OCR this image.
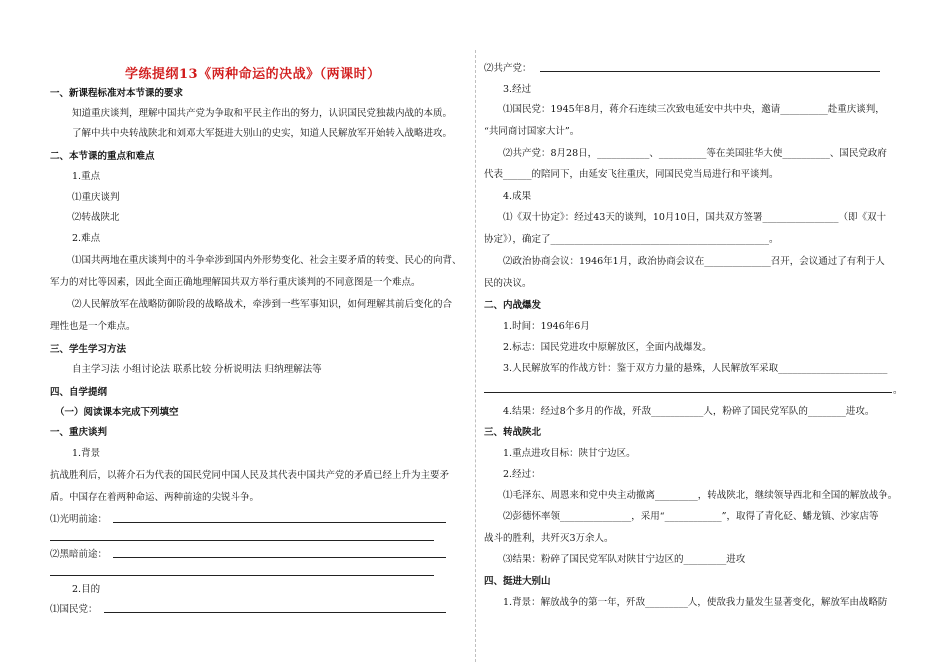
学练提纲13《两种命运的决战》（两课时）
一、新课程标准对本节课的要求
知道重庆谈判，理解中国共产党为争取和平民主作出的努力，认识国民党独裁内战的本质。
了解中共中央转战陕北和刘邓大军挺进大别山的史实，知道人民解放军开始转入战略进攻。
二、本节课的重点和难点
1.重点
⑴重庆谈判
⑵转战陕北
2.难点
⑴国共两地在重庆谈判中的斗争牵涉到国内外形势变化、社会主要矛盾的转变、民心的向背、
军力的对比等因素，因此全面正确地理解国共双方举行重庆谈判的不同意图是一个难点。
⑵人民解放军在战略防御阶段的战略战术，牵涉到一些军事知识，如何理解其前后变化的合
理性也是一个难点。
三、学生学习方法
自主学习法 小组讨论法 联系比较 分析说明法 归纳理解法等
四、自学提纲
（一）阅读课本完成下列填空
一、重庆谈判
1.背景
抗战胜利后，以蒋介石为代表的国民党同中国人民及其代表中国共产党的矛盾已经上升为主要矛
盾。中国存在着两种命运、两种前途的尖锐斗争。
⑴光明前途：
⑵黑暗前途：
2.目的
⑴国民党：
⑵共产党：
3.经过
⑴国民党：1945年8月，蒋介石连续三次致电延安中共中央，邀请__________赴重庆谈判，
“共同商讨国家大计”。
⑵共产党：8月28日，___________、__________等在美国驻华大使__________、国民党政府
代表______的陪同下，由延安飞往重庆，同国民党当局进行和平谈判。
4.成果
⑴《双十协定》：经过43天的谈判，10月10日，国共双方签署________________（即《双十
协定》），确定了______________________________________________。
⑵政治协商会议：1946年1月，政治协商会议在______________召开，会议通过了有利于人
民的决议。
二、内战爆发
1.时间：1946年6月
2.标志：国民党进攻中原解放区，全面内战爆发。
3.人民解放军的作战方针：鉴于双方力量的悬殊，人民解放军采取_______________________
4.结果：经过8个多月的作战，歼敌___________人，粉碎了国民党军队的________进攻。
三、转战陕北
1.重点进攻目标：陕甘宁边区。
2.经过：
⑴毛泽东、周恩来和党中央主动撤离_________，转战陕北，继续领导西北和全国的解放战争。
⑵彭德怀率领_______________，采用“____________”，取得了青化砭、蟠龙镇、沙家店等
战斗的胜利，共歼灭3万余人。
⑶结果：粉碎了国民党军队对陕甘宁边区的_________进攻
四、挺进大别山
1.背景：解放战争的第一年，歼敌_________人，使敌我力量发生显著变化，解放军由战略防
。
